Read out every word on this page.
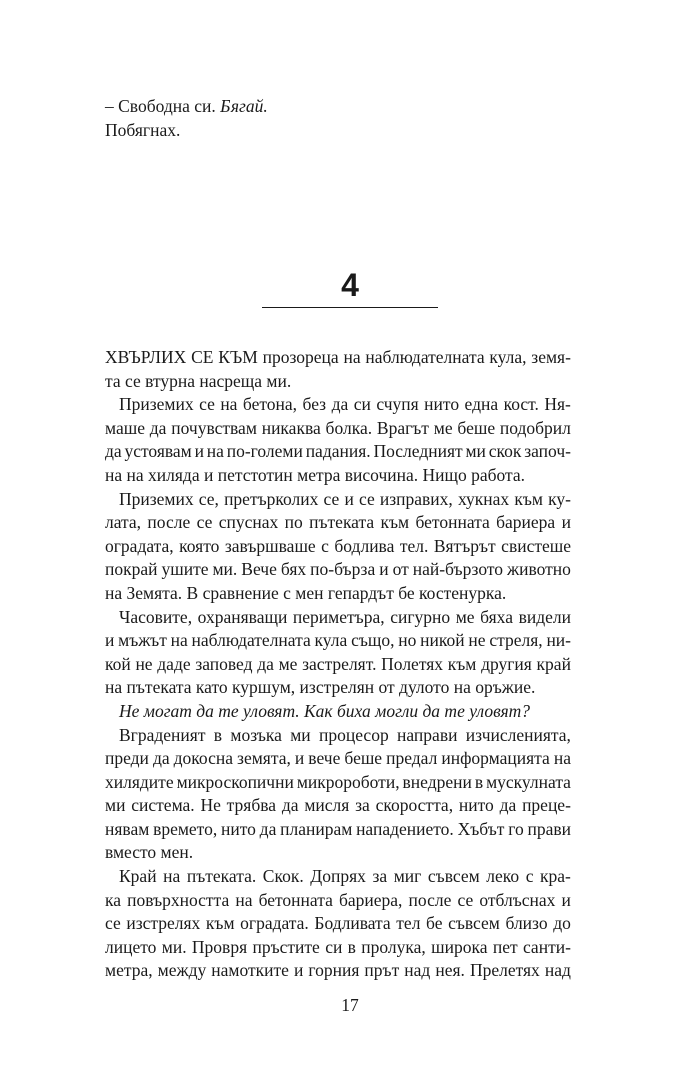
– Свободна си. Бягай.

Побягнах.

4
ХВЪРЛИХ СЕ КЪМ прозореца на наблюдателната кула, земя-
та се втурна насреща ми.
Приземих се на бетона, без да си счупя нито една кост. Ня-
маше да почувствам никаква болка. Врагът ме беше подобрил
да устоявам и на по-големи падания. Последният ми скок започ-
на на хиляда и петстотин метра височина. Нищо работа.
Приземих се, претърколих се и се изправих, хукнах към ку-
лата, после се спуснах по пътеката към бетонната бариера и
оградата, която завършваше с бодлива тел. Вятърът свистеше
покрай ушите ми. Вече бях по-бърза и от най-бързото животно
на Земята. В сравнение с мен гепардът бе костенурка.
Часовите, охраняващи периметъра, сигурно ме бяха видели
и мъжът на наблюдателната кула също, но никой не стреля, ни-
кой не даде заповед да ме застрелят. Полетях към другия край
на пътеката като куршум, изстрелян от дулото на оръжие.
Не могат да те уловят. Как биха могли да те уловят?
Вграденият в мозъка ми процесор направи изчисленията,
преди да докосна земята, и вече беше предал информацията на
хилядите микроскопични микророботи, внедрени в мускулната
ми система. Не трябва да мисля за скоростта, нито да прецe-
нявам времето, нито да планирам нападението. Хъбът го прави
вместо мен.
Край на пътеката. Скок. Допрях за миг съвсем леко с кра-
ка повърхността на бетонната бариера, после се отблъснах и
се изстрелях към оградата. Бодливата тел бе съвсем близо до
лицето ми. Провря пръстите си в пролука, широка пет санти-
метра, между намотките и горния прът над нея. Прелетях над
17
